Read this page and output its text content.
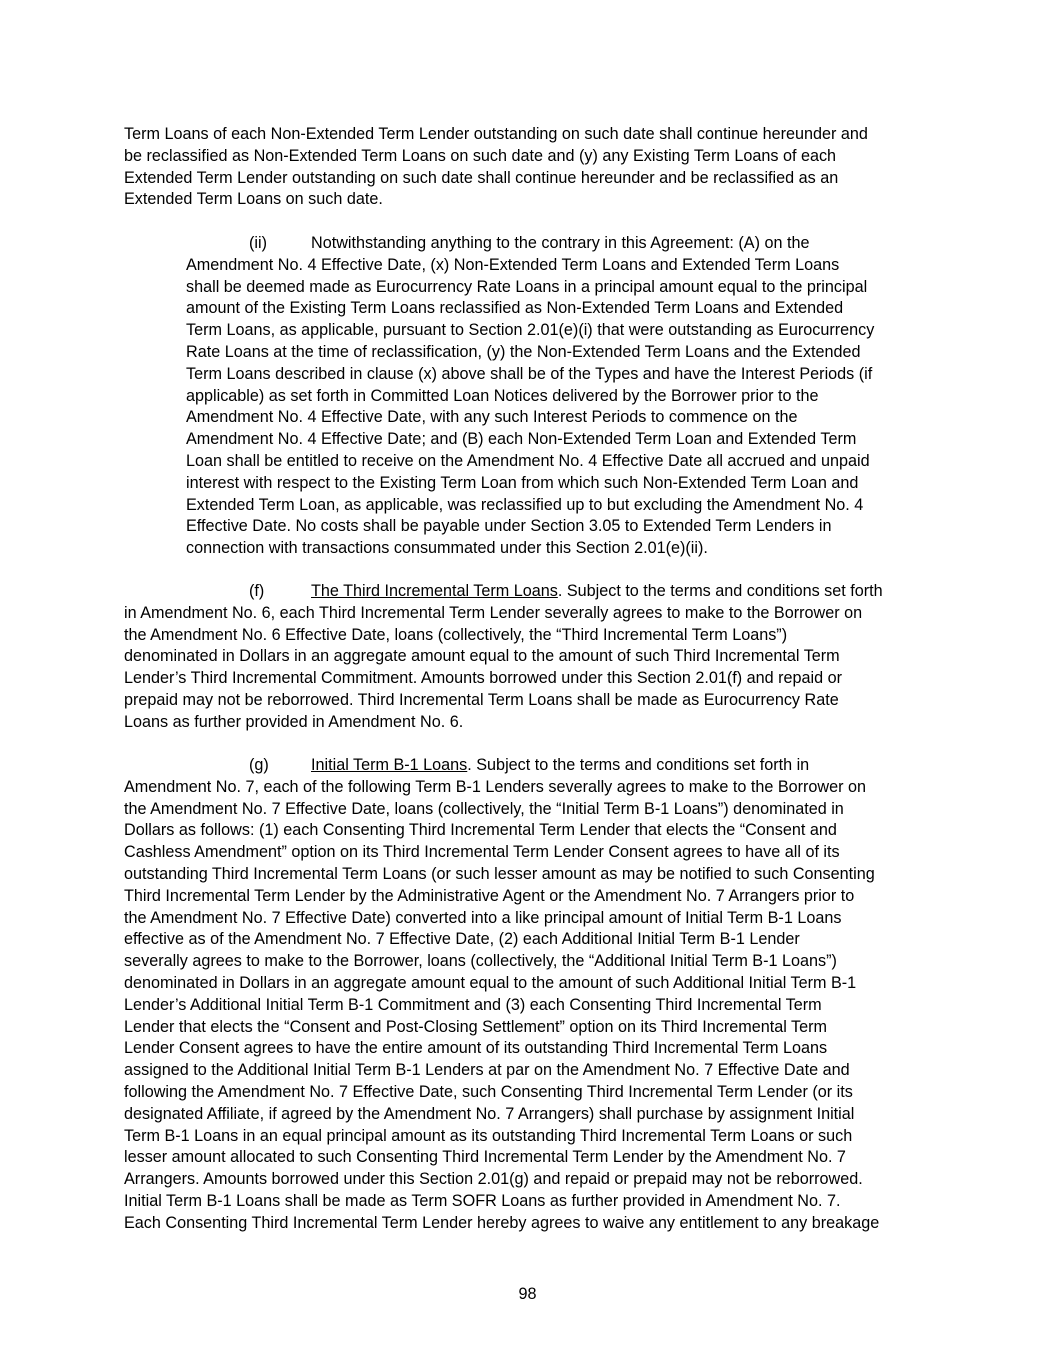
Term Loans of each Non-Extended Term Lender outstanding on such date shall continue hereunder and
be reclassified as Non-Extended Term Loans on such date and (y) any Existing Term Loans of each
Extended Term Lender outstanding on such date shall continue hereunder and be reclassified as an
Extended Term Loans on such date.
(ii)	Notwithstanding anything to the contrary in this Agreement: (A) on the
Amendment No. 4 Effective Date, (x) Non-Extended Term Loans and Extended Term Loans
shall be deemed made as Eurocurrency Rate Loans in a principal amount equal to the principal
amount of the Existing Term Loans reclassified as Non-Extended Term Loans and Extended
Term Loans, as applicable, pursuant to Section 2.01(e)(i) that were outstanding as Eurocurrency
Rate Loans at the time of reclassification, (y) the Non-Extended Term Loans and the Extended
Term Loans described in clause (x) above shall be of the Types and have the Interest Periods (if
applicable) as set forth in Committed Loan Notices delivered by the Borrower prior to the
Amendment No. 4 Effective Date, with any such Interest Periods to commence on the
Amendment No. 4 Effective Date; and (B) each Non-Extended Term Loan and Extended Term
Loan shall be entitled to receive on the Amendment No. 4 Effective Date all accrued and unpaid
interest with respect to the Existing Term Loan from which such Non-Extended Term Loan and
Extended Term Loan, as applicable, was reclassified up to but excluding the Amendment No. 4
Effective Date. No costs shall be payable under Section 3.05 to Extended Term Lenders in
connection with transactions consummated under this Section 2.01(e)(ii).
(f)	The Third Incremental Term Loans. Subject to the terms and conditions set forth
in Amendment No. 6, each Third Incremental Term Lender severally agrees to make to the Borrower on
the Amendment No. 6 Effective Date, loans (collectively, the “Third Incremental Term Loans”)
denominated in Dollars in an aggregate amount equal to the amount of such Third Incremental Term
Lender’s Third Incremental Commitment. Amounts borrowed under this Section 2.01(f) and repaid or
prepaid may not be reborrowed. Third Incremental Term Loans shall be made as Eurocurrency Rate
Loans as further provided in Amendment No. 6.
(g)	Initial Term B-1 Loans. Subject to the terms and conditions set forth in
Amendment No. 7, each of the following Term B-1 Lenders severally agrees to make to the Borrower on
the Amendment No. 7 Effective Date, loans (collectively, the “Initial Term B-1 Loans”) denominated in
Dollars as follows: (1) each Consenting Third Incremental Term Lender that elects the “Consent and
Cashless Amendment” option on its Third Incremental Term Lender Consent agrees to have all of its
outstanding Third Incremental Term Loans (or such lesser amount as may be notified to such Consenting
Third Incremental Term Lender by the Administrative Agent or the Amendment No. 7 Arrangers prior to
the Amendment No. 7 Effective Date) converted into a like principal amount of Initial Term B-1 Loans
effective as of the Amendment No. 7 Effective Date, (2) each Additional Initial Term B-1 Lender
severally agrees to make to the Borrower, loans (collectively, the “Additional Initial Term B-1 Loans”)
denominated in Dollars in an aggregate amount equal to the amount of such Additional Initial Term B-1
Lender’s Additional Initial Term B-1 Commitment and (3) each Consenting Third Incremental Term
Lender that elects the “Consent and Post-Closing Settlement” option on its Third Incremental Term
Lender Consent agrees to have the entire amount of its outstanding Third Incremental Term Loans
assigned to the Additional Initial Term B-1 Lenders at par on the Amendment No. 7 Effective Date and
following the Amendment No. 7 Effective Date, such Consenting Third Incremental Term Lender (or its
designated Affiliate, if agreed by the Amendment No. 7 Arrangers) shall purchase by assignment Initial
Term B-1 Loans in an equal principal amount as its outstanding Third Incremental Term Loans or such
lesser amount allocated to such Consenting Third Incremental Term Lender by the Amendment No. 7
Arrangers. Amounts borrowed under this Section 2.01(g) and repaid or prepaid may not be reborrowed.
Initial Term B-1 Loans shall be made as Term SOFR Loans as further provided in Amendment No. 7.
Each Consenting Third Incremental Term Lender hereby agrees to waive any entitlement to any breakage
98
